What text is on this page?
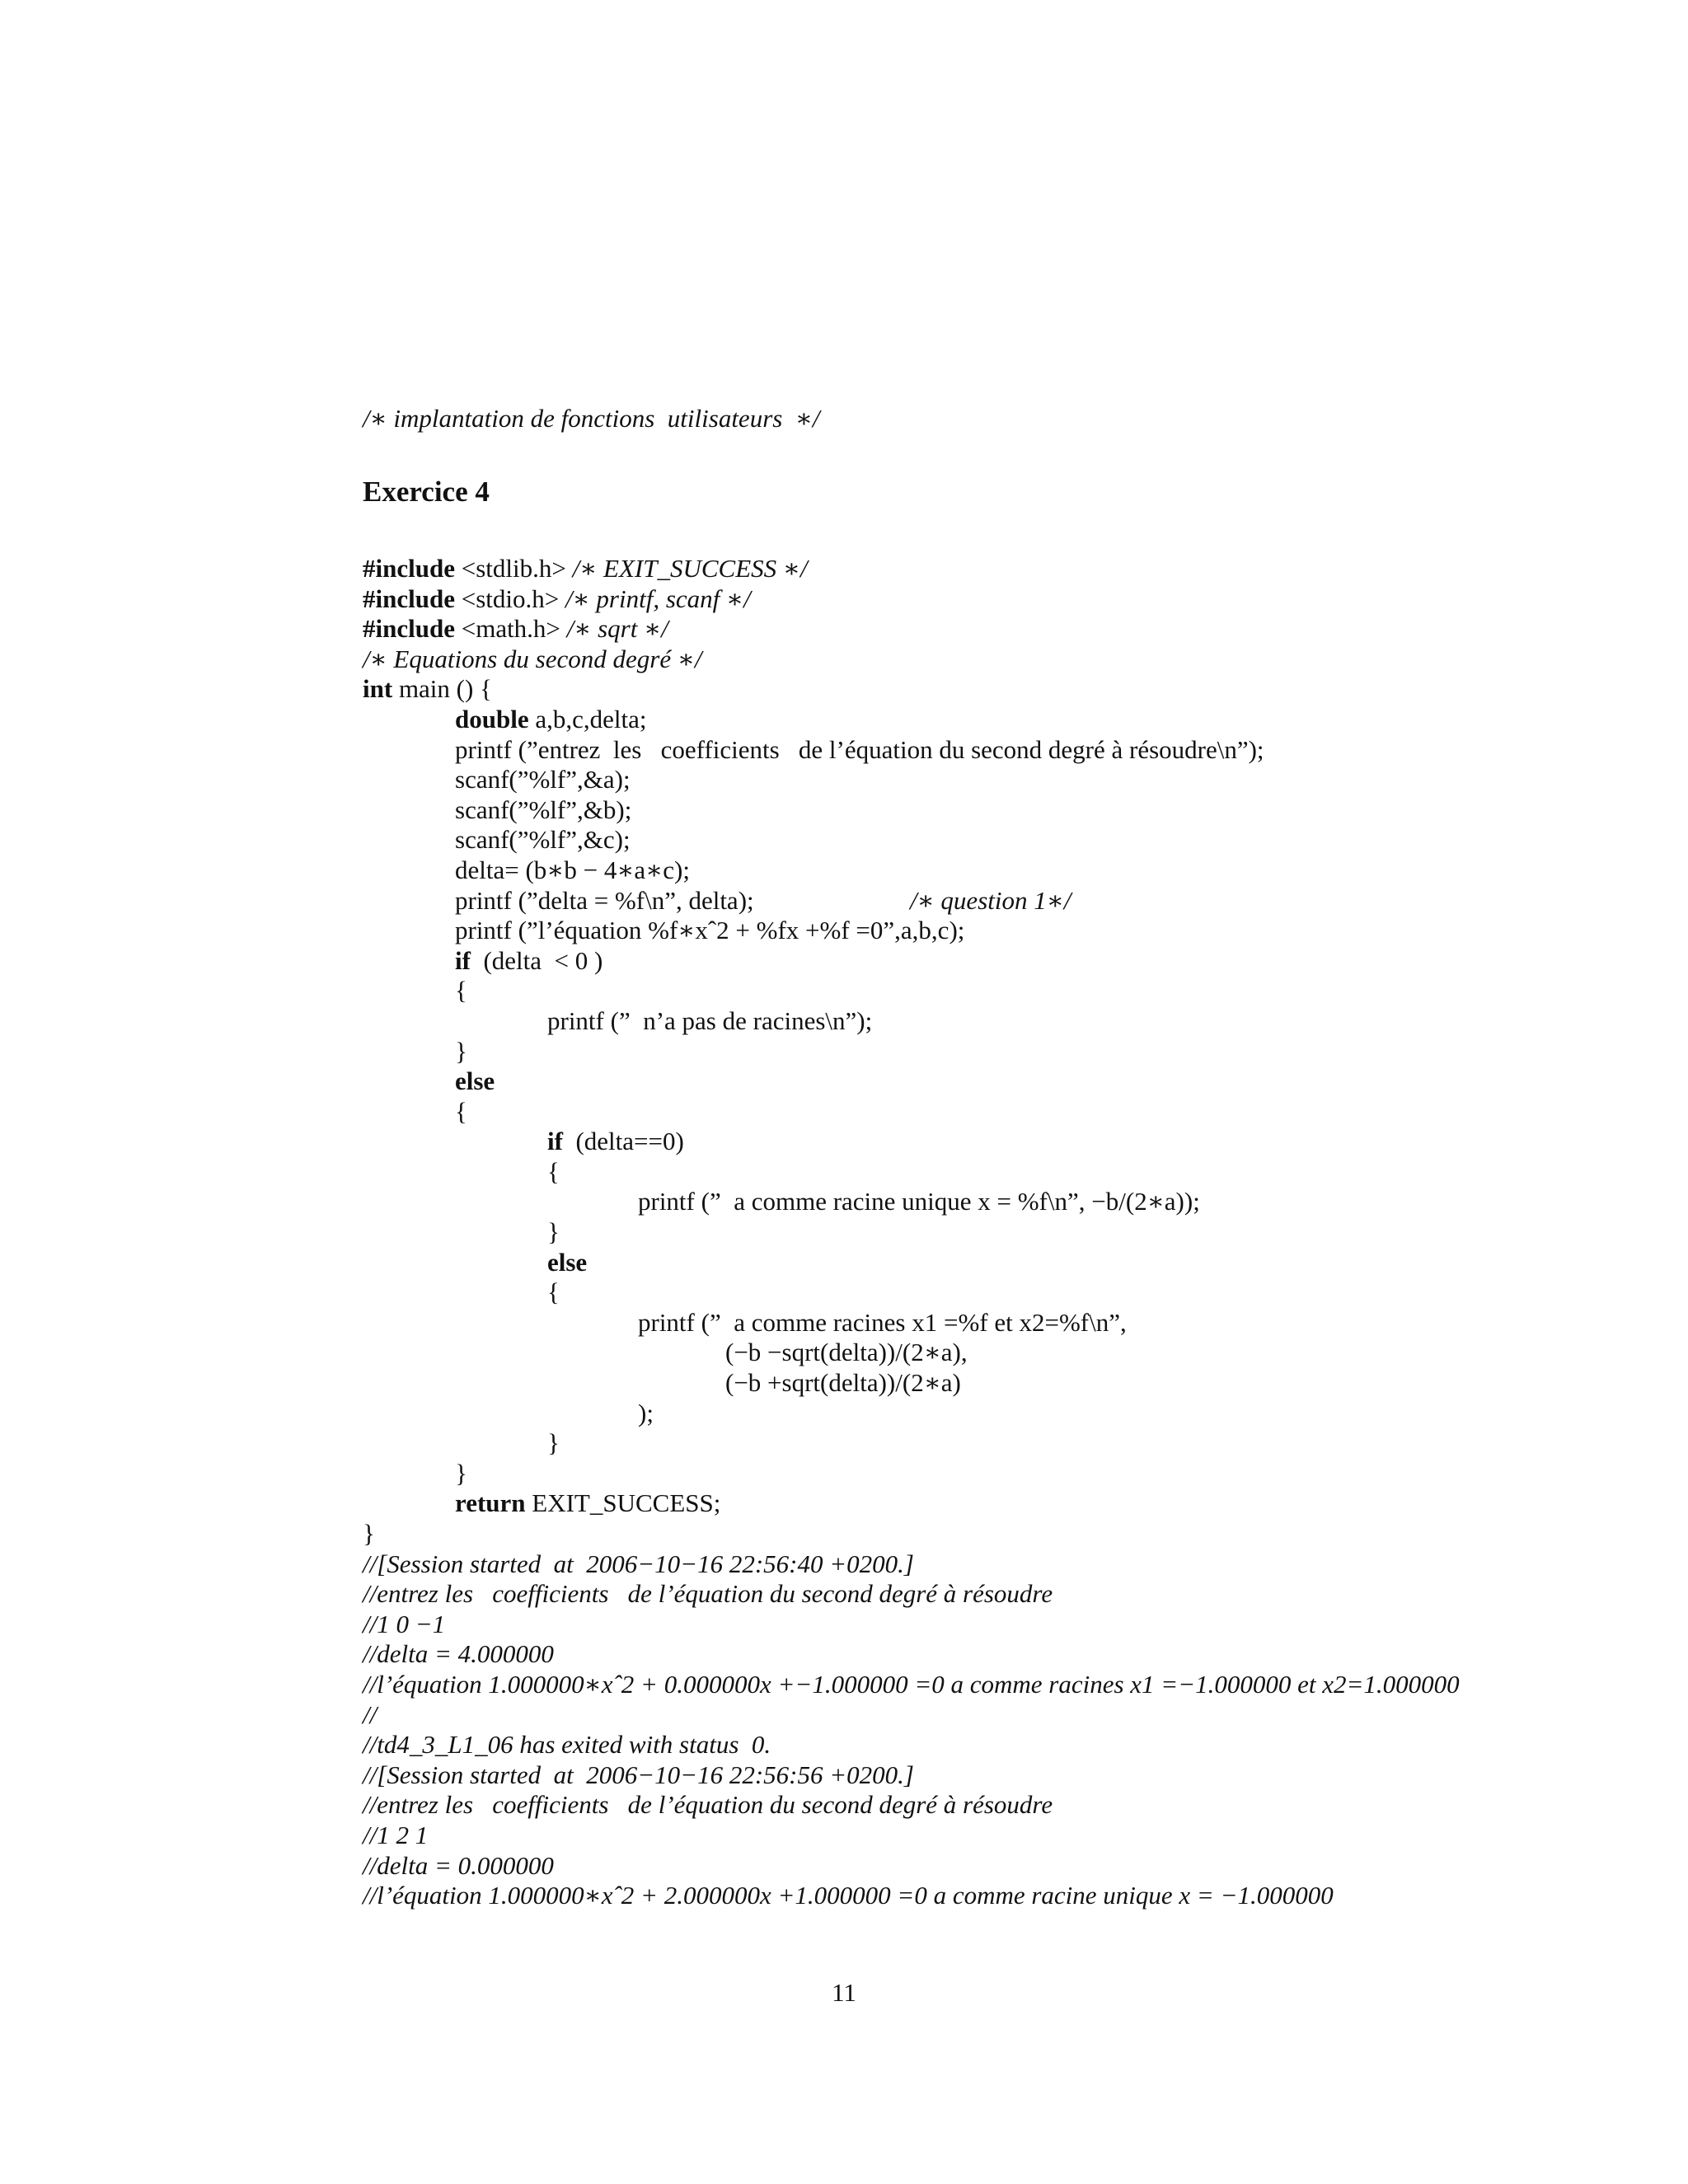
/∗ implantation de fonctions  utilisateurs  ∗/
Exercice 4
#include <stdlib.h> /∗ EXIT_SUCCESS ∗/
#include <stdio.h> /∗ printf, scanf ∗/
#include <math.h> /∗ sqrt ∗/
/∗ Equations du second degré ∗/
int main () {
double a,b,c,delta;
printf (”entrez  les   coefficients   de l’équation du second degré à résoudre\n”);
scanf(”%lf”,&a);
scanf(”%lf”,&b);
scanf(”%lf”,&c);
delta= (b∗b − 4∗a∗c);
printf (”delta = %f\n”, delta);	/∗ question 1∗/
printf (”l’équation %f∗xˆ2 + %fx +%f =0”,a,b,c);
if  (delta  < 0 )
{
printf (”  n’a pas de racines\n”);
}
else
{
if  (delta==0)
{
printf (”  a comme racine unique x = %f\n”, −b/(2∗a));
}
else
{
printf (”  a comme racines x1 =%f et x2=%f\n”,
(−b −sqrt(delta))/(2∗a),
(−b +sqrt(delta))/(2∗a)
);
}
}
return EXIT_SUCCESS;
}
//[Session started  at  2006−10−16 22:56:40 +0200.]
//entrez les   coefficients   de l’équation du second degré à résoudre
//1 0 −1
//delta = 4.000000
//l’équation 1.000000∗xˆ2 + 0.000000x +−1.000000 =0 a comme racines x1 =−1.000000 et x2=1.000000
//
//td4_3_L1_06 has exited with status  0.
//[Session started  at  2006−10−16 22:56:56 +0200.]
//entrez les   coefficients   de l’équation du second degré à résoudre
//1 2 1
//delta = 0.000000
//l’équation 1.000000∗xˆ2 + 2.000000x +1.000000 =0 a comme racine unique x = −1.000000
11
